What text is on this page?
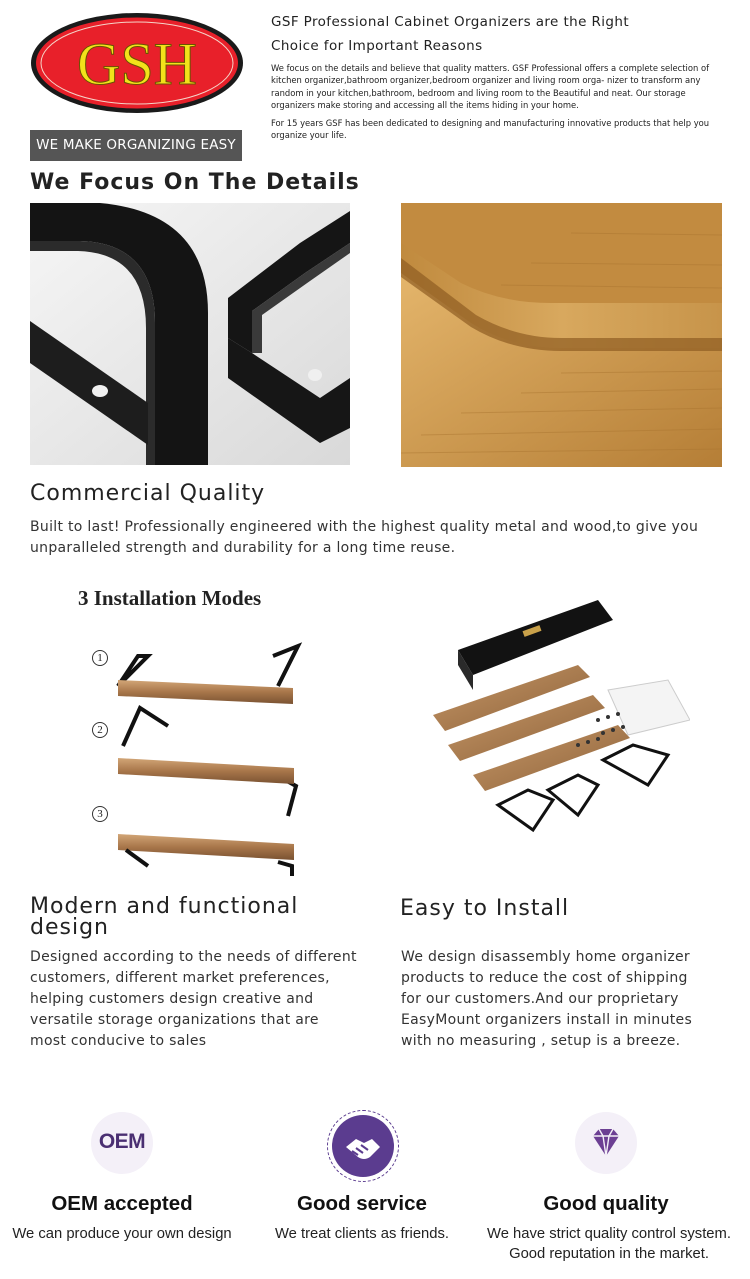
GSH
WE MAKE ORGANIZING EASY
GSF Professional Cabinet Organizers are the Right
Choice for Important Reasons

We focus on the details and believe that quality matters. GSF Professional offers a complete selection of kitchen organizer,bathroom organizer,bedroom organizer and living room orga- nizer to transform any random in your kitchen,bathroom, bedroom and living room to the Beautiful and neat. Our storage organizers make storing and accessing all the items hiding in your home.

For 15 years GSF has been dedicated to designing and manufacturing innovative products that help you organize your life.

We Focus On The Details
Commercial Quality
Built to last! Professionally engineered with the highest quality metal and wood,to give you
unparalleled strength and durability for a long time reuse.
3 Installation Modes
1
2
3
Modern and functional
design
Designed according to the needs of different
customers, different market preferences,
helping customers design creative and
versatile storage organizations that are
most conducive to sales
Easy to Install
We design disassembly home organizer
products to reduce the cost of shipping
for our customers.And our proprietary
EasyMount organizers install in minutes
with no measuring , setup is a breeze.
OEM
OEM accepted
We can produce your own design
Good service
We treat clients as friends.
Good quality
We have strict quality control system.
Good reputation in the market.
